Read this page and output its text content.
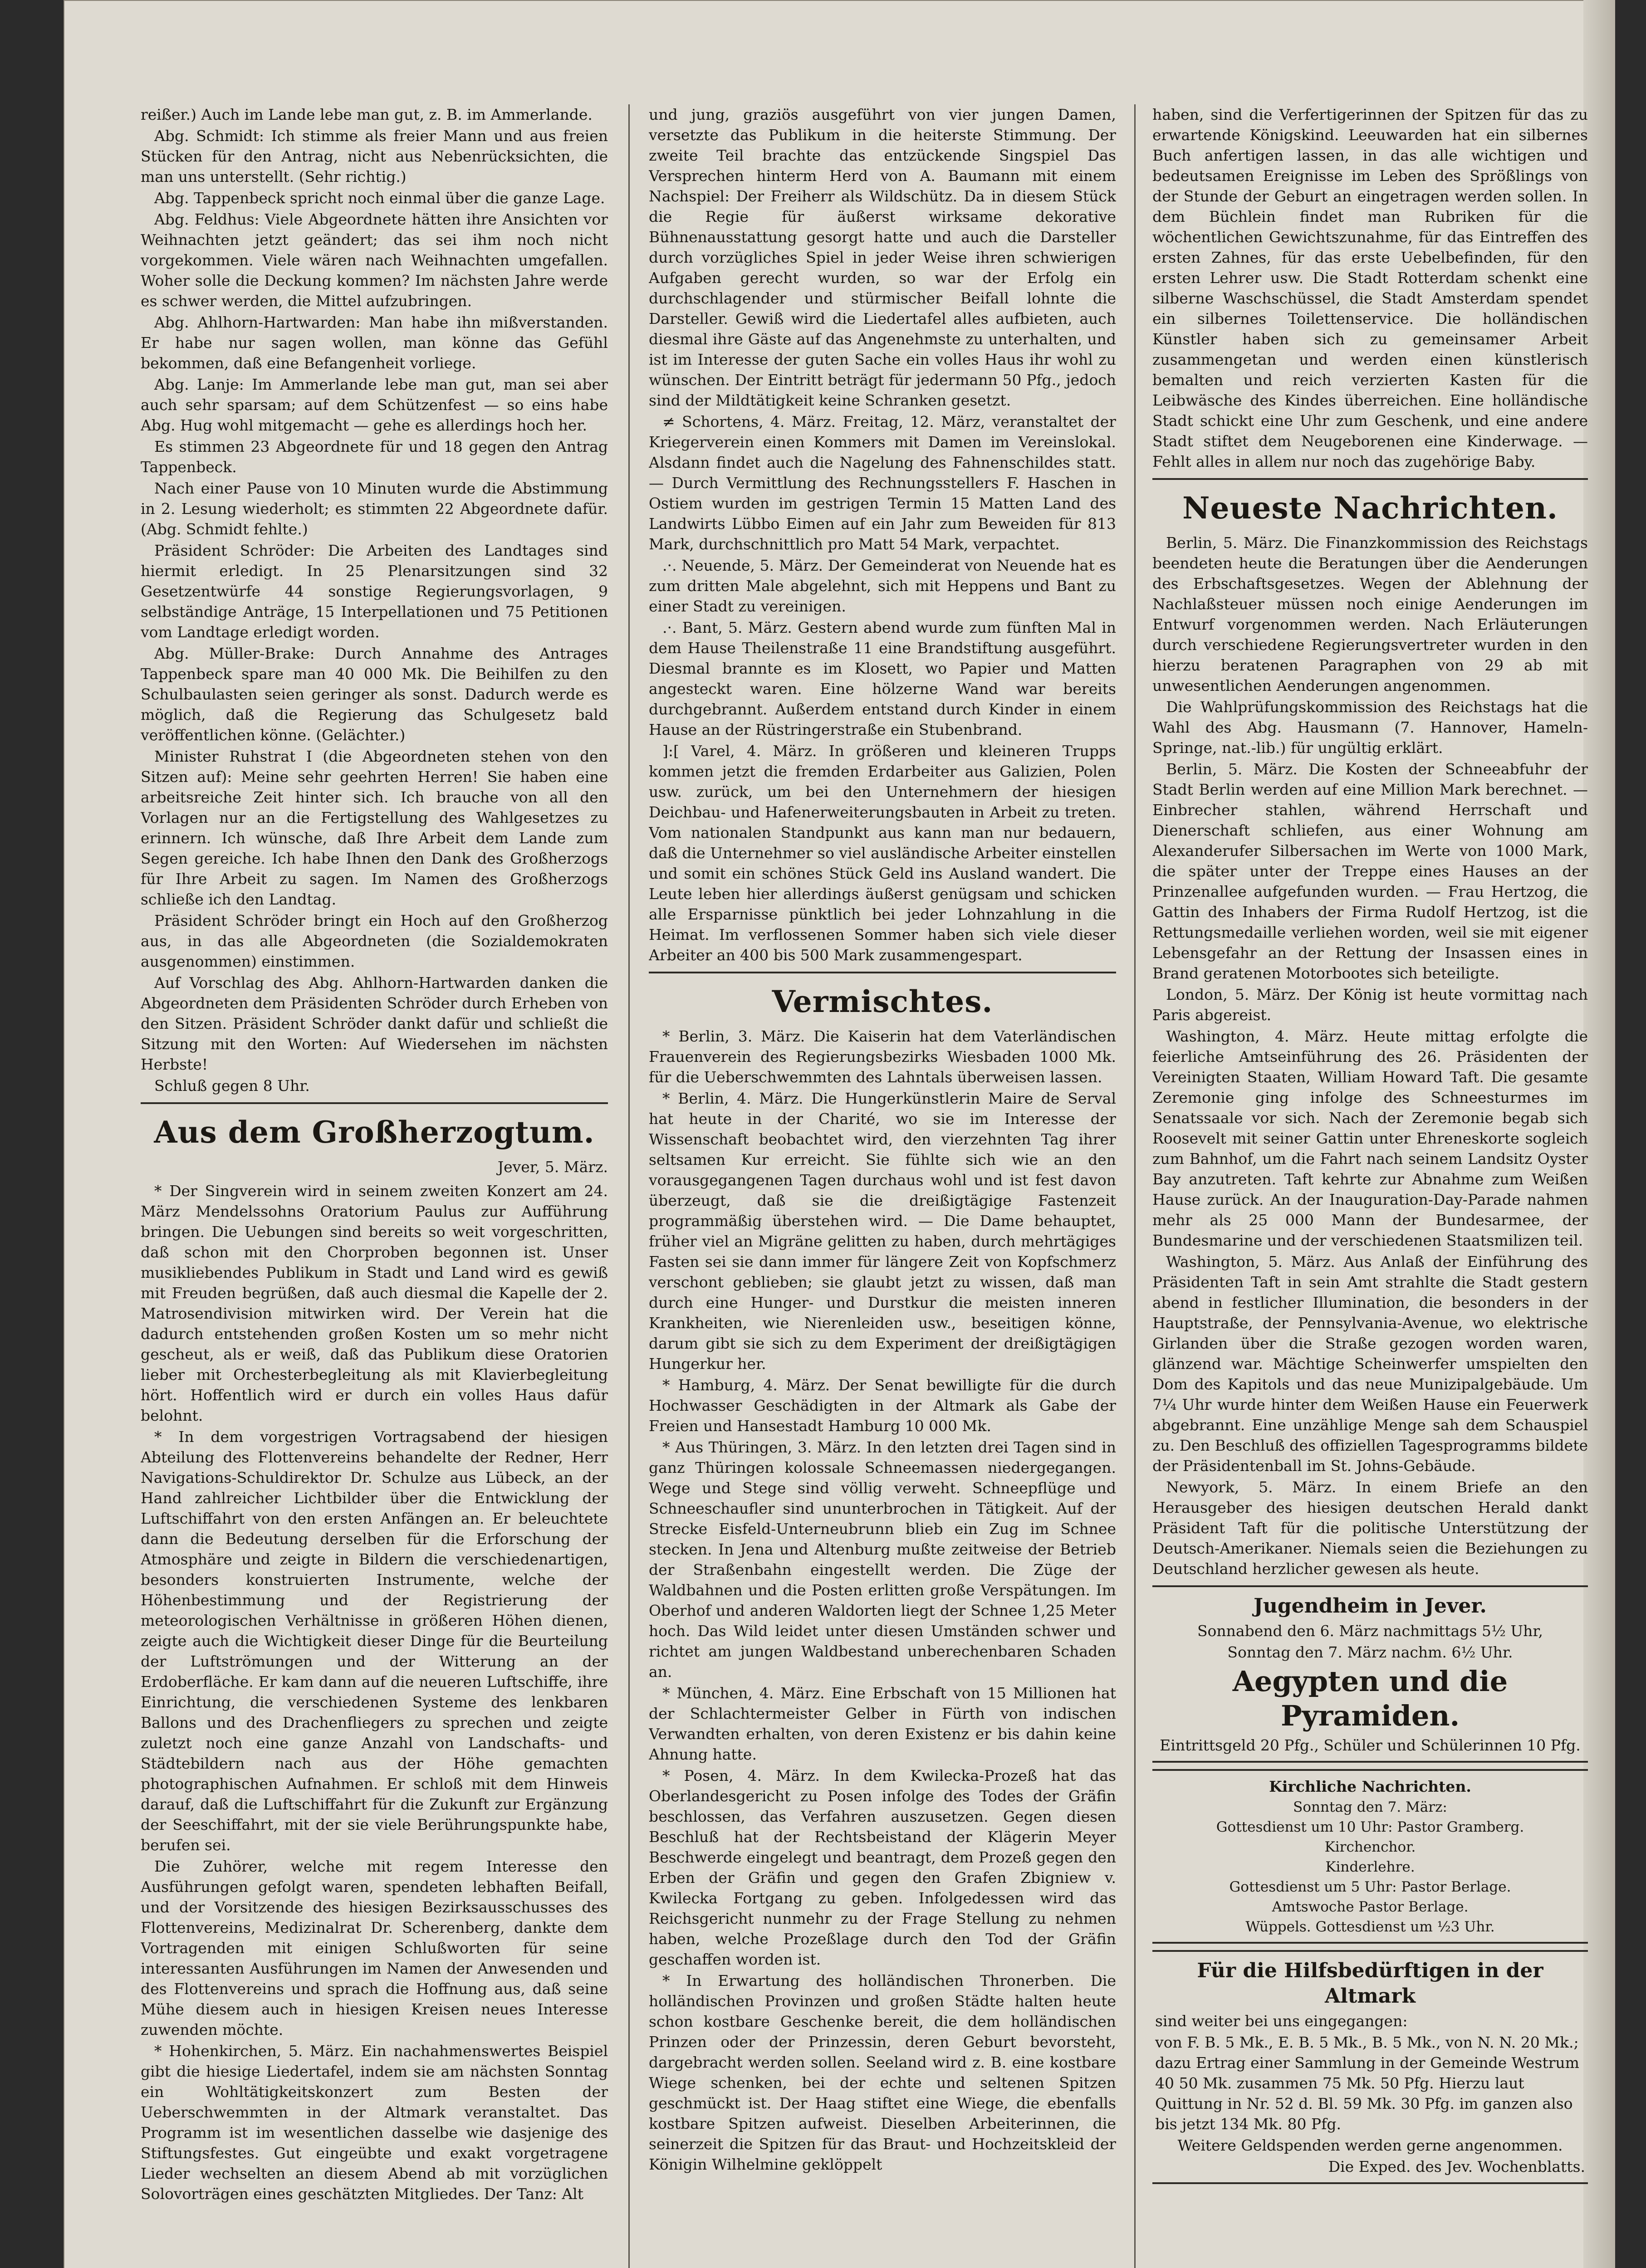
reißer.) Auch im Lande lebe man gut, z. B. im Ammerlande.

Abg. Schmidt: Ich stimme als freier Mann und aus freien Stücken für den Antrag, nicht aus Nebenrücksichten, die man uns unterstellt. (Sehr richtig.)

Abg. Tappenbeck spricht noch einmal über die ganze Lage.

Abg. Feldhus: Viele Abgeordnete hätten ihre Ansichten vor Weihnachten jetzt geändert; das sei ihm noch nicht vorgekommen. Viele wären nach Weihnachten umgefallen. Woher solle die Deckung kommen? Im nächsten Jahre werde es schwer werden, die Mittel aufzubringen.

Abg. Ahlhorn-Hartwarden: Man habe ihn mißverstanden. Er habe nur sagen wollen, man könne das Gefühl bekommen, daß eine Befangenheit vorliege.

Abg. Lanje: Im Ammerlande lebe man gut, man sei aber auch sehr sparsam; auf dem Schützenfest — so eins habe Abg. Hug wohl mitgemacht — gehe es allerdings hoch her.

Es stimmen 23 Abgeordnete für und 18 gegen den Antrag Tappenbeck.

Nach einer Pause von 10 Minuten wurde die Abstimmung in 2. Lesung wiederholt; es stimmten 22 Abgeordnete dafür. (Abg. Schmidt fehlte.)

Präsident Schröder: Die Arbeiten des Landtages sind hiermit erledigt. In 25 Plenarsitzungen sind 32 Gesetzentwürfe 44 sonstige Regierungsvorlagen, 9 selbständige Anträge, 15 Interpellationen und 75 Petitionen vom Landtage erledigt worden.

Abg. Müller-Brake: Durch Annahme des Antrages Tappenbeck spare man 40 000 Mk. Die Beihilfen zu den Schulbaulasten seien geringer als sonst. Dadurch werde es möglich, daß die Regierung das Schulgesetz bald veröffentlichen könne. (Gelächter.)

Minister Ruhstrat I (die Abgeordneten stehen von den Sitzen auf): Meine sehr geehrten Herren! Sie haben eine arbeitsreiche Zeit hinter sich. Ich brauche von all den Vorlagen nur an die Fertigstellung des Wahlgesetzes zu erinnern. Ich wünsche, daß Ihre Arbeit dem Lande zum Segen gereiche. Ich habe Ihnen den Dank des Großherzogs für Ihre Arbeit zu sagen. Im Namen des Großherzogs schließe ich den Landtag.

Präsident Schröder bringt ein Hoch auf den Großherzog aus, in das alle Abgeordneten (die Sozialdemokraten ausgenommen) einstimmen.

Auf Vorschlag des Abg. Ahlhorn-Hartwarden danken die Abgeordneten dem Präsidenten Schröder durch Erheben von den Sitzen. Präsident Schröder dankt dafür und schließt die Sitzung mit den Worten: Auf Wiedersehen im nächsten Herbste!

Schluß gegen 8 Uhr.

Aus dem Großherzogtum.
Jever, 5. März.

* Der Singverein wird in seinem zweiten Konzert am 24. März Mendelssohns Oratorium Paulus zur Aufführung bringen. Die Uebungen sind bereits so weit vorgeschritten, daß schon mit den Chorproben begonnen ist. Unser musikliebendes Publikum in Stadt und Land wird es gewiß mit Freuden begrüßen, daß auch diesmal die Kapelle der 2. Matrosendivision mitwirken wird. Der Verein hat die dadurch entstehenden großen Kosten um so mehr nicht gescheut, als er weiß, daß das Publikum diese Oratorien lieber mit Orchesterbegleitung als mit Klavierbegleitung hört. Hoffentlich wird er durch ein volles Haus dafür belohnt.

* In dem vorgestrigen Vortragsabend der hiesigen Abteilung des Flottenvereins behandelte der Redner, Herr Navigations-Schuldirektor Dr. Schulze aus Lübeck, an der Hand zahlreicher Lichtbilder über die Entwicklung der Luftschiffahrt von den ersten Anfängen an. Er beleuchtete dann die Bedeutung derselben für die Erforschung der Atmosphäre und zeigte in Bildern die verschiedenartigen, besonders konstruierten Instrumente, welche der Höhenbestimmung und der Registrierung der meteorologischen Verhältnisse in größeren Höhen dienen, zeigte auch die Wichtigkeit dieser Dinge für die Beurteilung der Luftströmungen und der Witterung an der Erdoberfläche. Er kam dann auf die neueren Luftschiffe, ihre Einrichtung, die verschiedenen Systeme des lenkbaren Ballons und des Drachenfliegers zu sprechen und zeigte zuletzt noch eine ganze Anzahl von Landschafts- und Städtebildern nach aus der Höhe gemachten photographischen Aufnahmen. Er schloß mit dem Hinweis darauf, daß die Luftschiffahrt für die Zukunft zur Ergänzung der Seeschiffahrt, mit der sie viele Berührungspunkte habe, berufen sei.

Die Zuhörer, welche mit regem Interesse den Ausführungen gefolgt waren, spendeten lebhaften Beifall, und der Vorsitzende des hiesigen Bezirksausschusses des Flottenvereins, Medizinalrat Dr. Scherenberg, dankte dem Vortragenden mit einigen Schlußworten für seine interessanten Ausführungen im Namen der Anwesenden und des Flottenvereins und sprach die Hoffnung aus, daß seine Mühe diesem auch in hiesigen Kreisen neues Interesse zuwenden möchte.

* Hohenkirchen, 5. März. Ein nachahmenswertes Beispiel gibt die hiesige Liedertafel, indem sie am nächsten Sonntag ein Wohltätigkeitskonzert zum Besten der Ueberschwemmten in der Altmark veranstaltet. Das Programm ist im wesentlichen dasselbe wie dasjenige des Stiftungsfestes. Gut eingeübte und exakt vorgetragene Lieder wechselten an diesem Abend ab mit vorzüglichen Solovorträgen eines geschätzten Mitgliedes. Der Tanz: Alt

und jung, graziös ausgeführt von vier jungen Damen, versetzte das Publikum in die heiterste Stimmung. Der zweite Teil brachte das entzückende Singspiel Das Versprechen hinterm Herd von A. Baumann mit einem Nachspiel: Der Freiherr als Wildschütz. Da in diesem Stück die Regie für äußerst wirksame dekorative Bühnenausstattung gesorgt hatte und auch die Darsteller durch vorzügliches Spiel in jeder Weise ihren schwierigen Aufgaben gerecht wurden, so war der Erfolg ein durchschlagender und stürmischer Beifall lohnte die Darsteller. Gewiß wird die Liedertafel alles aufbieten, auch diesmal ihre Gäste auf das Angenehmste zu unterhalten, und ist im Interesse der guten Sache ein volles Haus ihr wohl zu wünschen. Der Eintritt beträgt für jedermann 50 Pfg., jedoch sind der Mildtätigkeit keine Schranken gesetzt.

≠ Schortens, 4. März. Freitag, 12. März, veranstaltet der Kriegerverein einen Kommers mit Damen im Vereinslokal. Alsdann findet auch die Nagelung des Fahnenschildes statt. — Durch Vermittlung des Rechnungsstellers F. Haschen in Ostiem wurden im gestrigen Termin 15 Matten Land des Landwirts Lübbo Eimen auf ein Jahr zum Beweiden für 813 Mark, durchschnittlich pro Matt 54 Mark, verpachtet.

.·. Neuende, 5. März. Der Gemeinderat von Neuende hat es zum dritten Male abgelehnt, sich mit Heppens und Bant zu einer Stadt zu vereinigen.

.·. Bant, 5. März. Gestern abend wurde zum fünften Mal in dem Hause Theilenstraße 11 eine Brandstiftung ausgeführt. Diesmal brannte es im Klosett, wo Papier und Matten angesteckt waren. Eine hölzerne Wand war bereits durchgebrannt. Außerdem entstand durch Kinder in einem Hause an der Rüstringerstraße ein Stubenbrand.

]:[ Varel, 4. März. In größeren und kleineren Trupps kommen jetzt die fremden Erdarbeiter aus Galizien, Polen usw. zurück, um bei den Unternehmern der hiesigen Deichbau- und Hafenerweiterungsbauten in Arbeit zu treten. Vom nationalen Standpunkt aus kann man nur bedauern, daß die Unternehmer so viel ausländische Arbeiter einstellen und somit ein schönes Stück Geld ins Ausland wandert. Die Leute leben hier allerdings äußerst genügsam und schicken alle Ersparnisse pünktlich bei jeder Lohnzahlung in die Heimat. Im verflossenen Sommer haben sich viele dieser Arbeiter an 400 bis 500 Mark zusammengespart.

Vermischtes.

* Berlin, 3. März. Die Kaiserin hat dem Vaterländischen Frauenverein des Regierungsbezirks Wiesbaden 1000 Mk. für die Ueberschwemmten des Lahntals überweisen lassen.

* Berlin, 4. März. Die Hungerkünstlerin Maire de Serval hat heute in der Charité, wo sie im Interesse der Wissenschaft beobachtet wird, den vierzehnten Tag ihrer seltsamen Kur erreicht. Sie fühlte sich wie an den vorausgegangenen Tagen durchaus wohl und ist fest davon überzeugt, daß sie die dreißigtägige Fastenzeit programmäßig überstehen wird. — Die Dame behauptet, früher viel an Migräne gelitten zu haben, durch mehrtägiges Fasten sei sie dann immer für längere Zeit von Kopfschmerz verschont geblieben; sie glaubt jetzt zu wissen, daß man durch eine Hunger- und Durstkur die meisten inneren Krankheiten, wie Nierenleiden usw., beseitigen könne, darum gibt sie sich zu dem Experiment der dreißigtägigen Hungerkur her.

* Hamburg, 4. März. Der Senat bewilligte für die durch Hochwasser Geschädigten in der Altmark als Gabe der Freien und Hansestadt Hamburg 10 000 Mk.

* Aus Thüringen, 3. März. In den letzten drei Tagen sind in ganz Thüringen kolossale Schneemassen niedergegangen. Wege und Stege sind völlig verweht. Schneepflüge und Schneeschaufler sind ununterbrochen in Tätigkeit. Auf der Strecke Eisfeld-Unterneubrunn blieb ein Zug im Schnee stecken. In Jena und Altenburg mußte zeitweise der Betrieb der Straßenbahn eingestellt werden. Die Züge der Waldbahnen und die Posten erlitten große Verspätungen. Im Oberhof und anderen Waldorten liegt der Schnee 1,25 Meter hoch. Das Wild leidet unter diesen Umständen schwer und richtet am jungen Waldbestand unberechenbaren Schaden an.

* München, 4. März. Eine Erbschaft von 15 Millionen hat der Schlachtermeister Gelber in Fürth von indischen Verwandten erhalten, von deren Existenz er bis dahin keine Ahnung hatte.

* Posen, 4. März. In dem Kwilecka-Prozeß hat das Oberlandesgericht zu Posen infolge des Todes der Gräfin beschlossen, das Verfahren auszusetzen. Gegen diesen Beschluß hat der Rechtsbeistand der Klägerin Meyer Beschwerde eingelegt und beantragt, dem Prozeß gegen den Erben der Gräfin und gegen den Grafen Zbigniew v. Kwilecka Fortgang zu geben. Infolgedessen wird das Reichsgericht nunmehr zu der Frage Stellung zu nehmen haben, welche Prozeßlage durch den Tod der Gräfin geschaffen worden ist.

* In Erwartung des holländischen Thronerben. Die holländischen Provinzen und großen Städte halten heute schon kostbare Geschenke bereit, die dem holländischen Prinzen oder der Prinzessin, deren Geburt bevorsteht, dargebracht werden sollen. Seeland wird z. B. eine kostbare Wiege schenken, bei der echte und seltenen Spitzen geschmückt ist. Der Haag stiftet eine Wiege, die ebenfalls kostbare Spitzen aufweist. Dieselben Arbeiterinnen, die seinerzeit die Spitzen für das Braut- und Hochzeitskleid der Königin Wilhelmine geklöppelt

haben, sind die Verfertigerinnen der Spitzen für das zu erwartende Königskind. Leeuwarden hat ein silbernes Buch anfertigen lassen, in das alle wichtigen und bedeutsamen Ereignisse im Leben des Sprößlings von der Stunde der Geburt an eingetragen werden sollen. In dem Büchlein findet man Rubriken für die wöchentlichen Gewichtszunahme, für das Eintreffen des ersten Zahnes, für das erste Uebelbefinden, für den ersten Lehrer usw. Die Stadt Rotterdam schenkt eine silberne Waschschüssel, die Stadt Amsterdam spendet ein silbernes Toilettenservice. Die holländischen Künstler haben sich zu gemeinsamer Arbeit zusammengetan und werden einen künstlerisch bemalten und reich verzierten Kasten für die Leibwäsche des Kindes überreichen. Eine holländische Stadt schickt eine Uhr zum Geschenk, und eine andere Stadt stiftet dem Neugeborenen eine Kinderwage. — Fehlt alles in allem nur noch das zugehörige Baby.

Neueste Nachrichten.

Berlin, 5. März. Die Finanzkommission des Reichstags beendeten heute die Beratungen über die Aenderungen des Erbschaftsgesetzes. Wegen der Ablehnung der Nachlaßsteuer müssen noch einige Aenderungen im Entwurf vorgenommen werden. Nach Erläuterungen durch verschiedene Regierungsvertreter wurden in den hierzu beratenen Paragraphen von 29 ab mit unwesentlichen Aenderungen angenommen.

Die Wahlprüfungskommission des Reichstags hat die Wahl des Abg. Hausmann (7. Hannover, Hameln-Springe, nat.-lib.) für ungültig erklärt.

Berlin, 5. März. Die Kosten der Schneeabfuhr der Stadt Berlin werden auf eine Million Mark berechnet. — Einbrecher stahlen, während Herrschaft und Dienerschaft schliefen, aus einer Wohnung am Alexanderufer Silbersachen im Werte von 1000 Mark, die später unter der Treppe eines Hauses an der Prinzenallee aufgefunden wurden. — Frau Hertzog, die Gattin des Inhabers der Firma Rudolf Hertzog, ist die Rettungsmedaille verliehen worden, weil sie mit eigener Lebensgefahr an der Rettung der Insassen eines in Brand geratenen Motorbootes sich beteiligte.

London, 5. März. Der König ist heute vormittag nach Paris abgereist.

Washington, 4. März. Heute mittag erfolgte die feierliche Amtseinführung des 26. Präsidenten der Vereinigten Staaten, William Howard Taft. Die gesamte Zeremonie ging infolge des Schneesturmes im Senatssaale vor sich. Nach der Zeremonie begab sich Roosevelt mit seiner Gattin unter Ehreneskorte sogleich zum Bahnhof, um die Fahrt nach seinem Landsitz Oyster Bay anzutreten. Taft kehrte zur Abnahme zum Weißen Hause zurück. An der Inauguration-Day-Parade nahmen mehr als 25 000 Mann der Bundesarmee, der Bundesmarine und der verschiedenen Staatsmilizen teil.

Washington, 5. März. Aus Anlaß der Einführung des Präsidenten Taft in sein Amt strahlte die Stadt gestern abend in festlicher Illumination, die besonders in der Hauptstraße, der Pennsylvania-Avenue, wo elektrische Girlanden über die Straße gezogen worden waren, glänzend war. Mächtige Scheinwerfer umspielten den Dom des Kapitols und das neue Munizipalgebäude. Um 7¼ Uhr wurde hinter dem Weißen Hause ein Feuerwerk abgebrannt. Eine unzählige Menge sah dem Schauspiel zu. Den Beschluß des offiziellen Tagesprogramms bildete der Präsidentenball im St. Johns-Gebäude.

Newyork, 5. März. In einem Briefe an den Herausgeber des hiesigen deutschen Herald dankt Präsident Taft für die politische Unterstützung der Deutsch-Amerikaner. Niemals seien die Beziehungen zu Deutschland herzlicher gewesen als heute.

Jugendheim in Jever.
Sonnabend den 6. März nachmittags 5½ Uhr,
Sonntag den 7. März nachm. 6½ Uhr.
Aegypten und die Pyramiden.
Eintrittsgeld 20 Pfg., Schüler und Schülerinnen 10 Pfg.
Kirchliche Nachrichten.
Sonntag den 7. März:
Gottesdienst um 10 Uhr: Pastor Gramberg.
Kirchenchor.
Kinderlehre.
Gottesdienst um 5 Uhr: Pastor Berlage.
Amtswoche Pastor Berlage.
Wüppels. Gottesdienst um ½3 Uhr.
Für die Hilfsbedürftigen in der Altmark
sind weiter bei uns eingegangen:
von F. B. 5 Mk., E. B. 5 Mk., B. 5 Mk., von N. N. 20 Mk.; dazu Ertrag einer Sammlung in der Gemeinde Westrum 40 50 Mk. zusammen 75 Mk. 50 Pfg. Hierzu laut Quittung in Nr. 52 d. Bl. 59 Mk. 30 Pfg. im ganzen also bis jetzt 134 Mk. 80 Pfg.
Weitere Geldspenden werden gerne angenommen.
Die Exped. des Jev. Wochenblatts.
